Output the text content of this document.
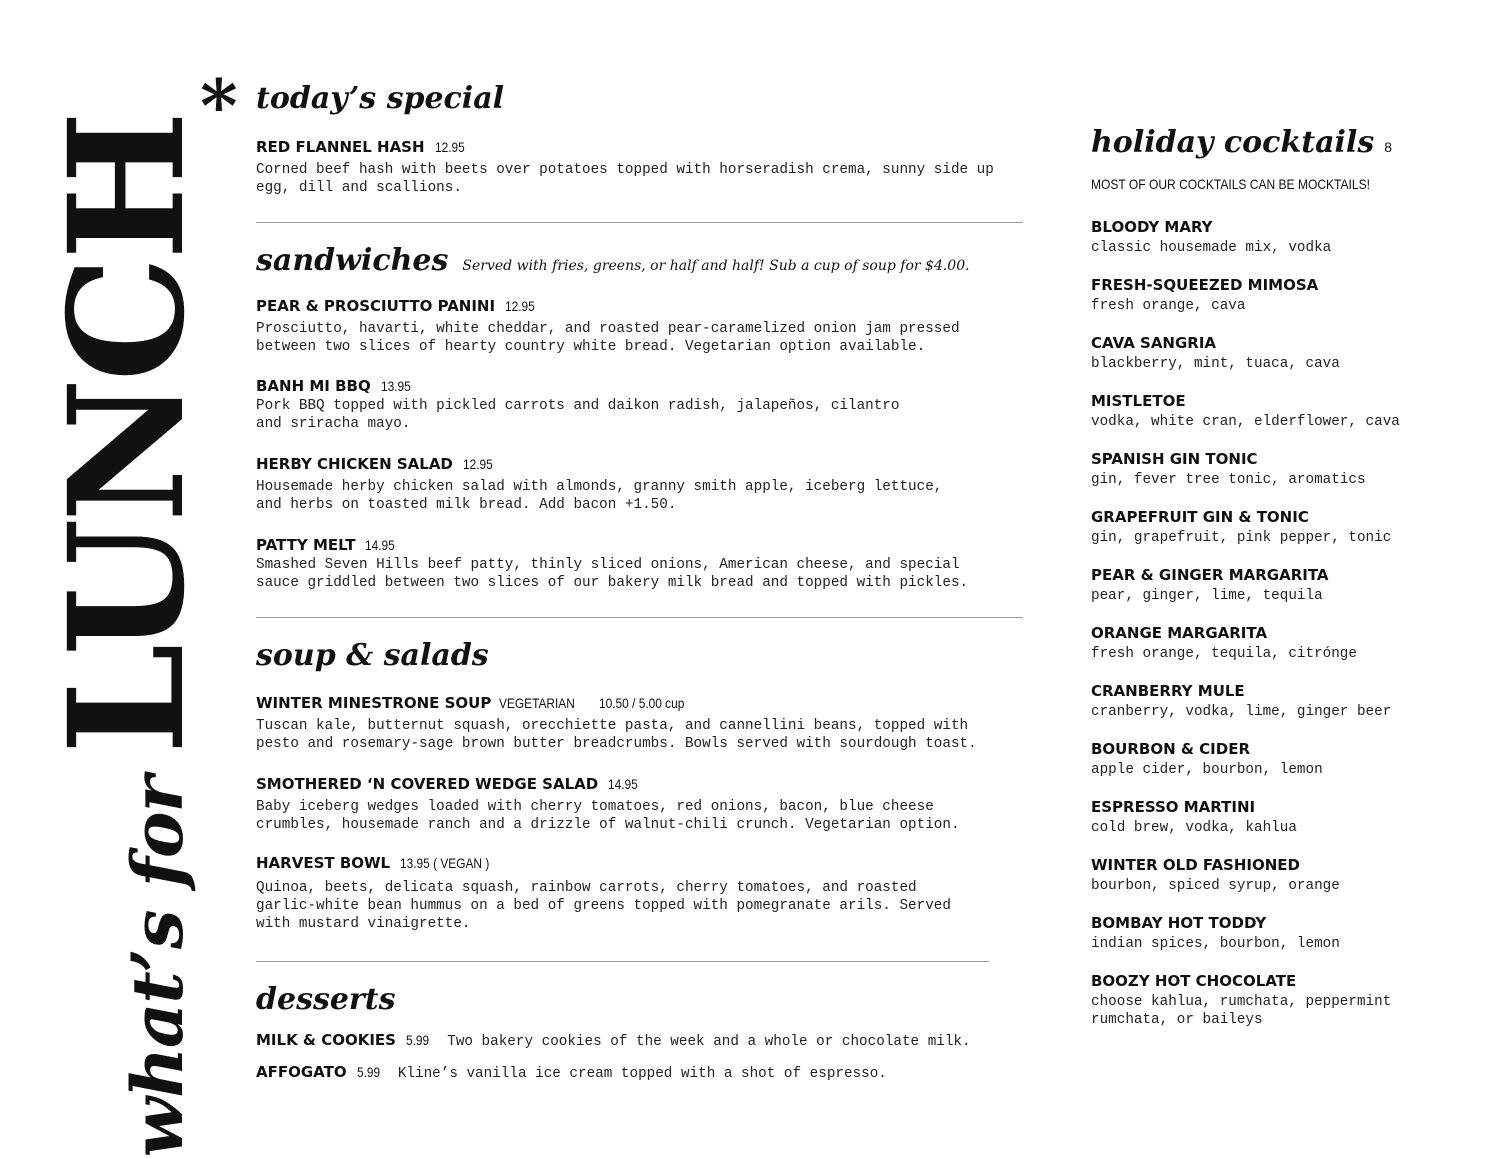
what’s for
LUNCH
* today’s special
RED FLANNEL HASH 12.95
Corned beef hash with beets over potatoes topped with horseradish crema, sunny side up
egg, dill and scallions.
sandwiches Served with fries, greens, or half and half! Sub a cup of soup for $4.00.
PEAR & PROSCIUTTO PANINI 12.95
Prosciutto, havarti, white cheddar, and roasted pear-caramelized onion jam pressed
between two slices of hearty country white bread. Vegetarian option available.
BANH MI BBQ 13.95
Pork BBQ topped with pickled carrots and daikon radish, jalapeños, cilantro
and sriracha mayo.
HERBY CHICKEN SALAD 12.95
Housemade herby chicken salad with almonds, granny smith apple, iceberg lettuce,
and herbs on toasted milk bread. Add bacon +1.50.
PATTY MELT 14.95
Smashed Seven Hills beef patty, thinly sliced onions, American cheese, and special
sauce griddled between two slices of our bakery milk bread and topped with pickles.
soup & salads
WINTER MINESTRONE SOUP VEGETARIAN 10.50 / 5.00 cup
Tuscan kale, butternut squash, orecchiette pasta, and cannellini beans, topped with
pesto and rosemary-sage brown butter breadcrumbs. Bowls served with sourdough toast.
SMOTHERED ‘N COVERED WEDGE SALAD 14.95
Baby iceberg wedges loaded with cherry tomatoes, red onions, bacon, blue cheese
crumbles, housemade ranch and a drizzle of walnut-chili crunch. Vegetarian option.
HARVEST BOWL 13.95 ( VEGAN )
Quinoa, beets, delicata squash, rainbow carrots, cherry tomatoes, and roasted
garlic-white bean hummus on a bed of greens topped with pomegranate arils. Served
with mustard vinaigrette.
desserts
MILK & COOKIES 5.99 Two bakery cookies of the week and a whole or chocolate milk.
AFFOGATO 5.99 Kline’s vanilla ice cream topped with a shot of espresso.
holiday cocktails 8
MOST OF OUR COCKTAILS CAN BE MOCKTAILS!
BLOODY MARY
classic housemade mix, vodka
FRESH-SQUEEZED MIMOSA
fresh orange, cava
CAVA SANGRIA
blackberry, mint, tuaca, cava
MISTLETOE
vodka, white cran, elderflower, cava
SPANISH GIN TONIC
gin, fever tree tonic, aromatics
GRAPEFRUIT GIN & TONIC
gin, grapefruit, pink pepper, tonic
PEAR & GINGER MARGARITA
pear, ginger, lime, tequila
ORANGE MARGARITA
fresh orange, tequila, citrónge
CRANBERRY MULE
cranberry, vodka, lime, ginger beer
BOURBON & CIDER
apple cider, bourbon, lemon
ESPRESSO MARTINI
cold brew, vodka, kahlua
WINTER OLD FASHIONED
bourbon, spiced syrup, orange
BOMBAY HOT TODDY
indian spices, bourbon, lemon
BOOZY HOT CHOCOLATE
choose kahlua, rumchata, peppermint
rumchata, or baileys
